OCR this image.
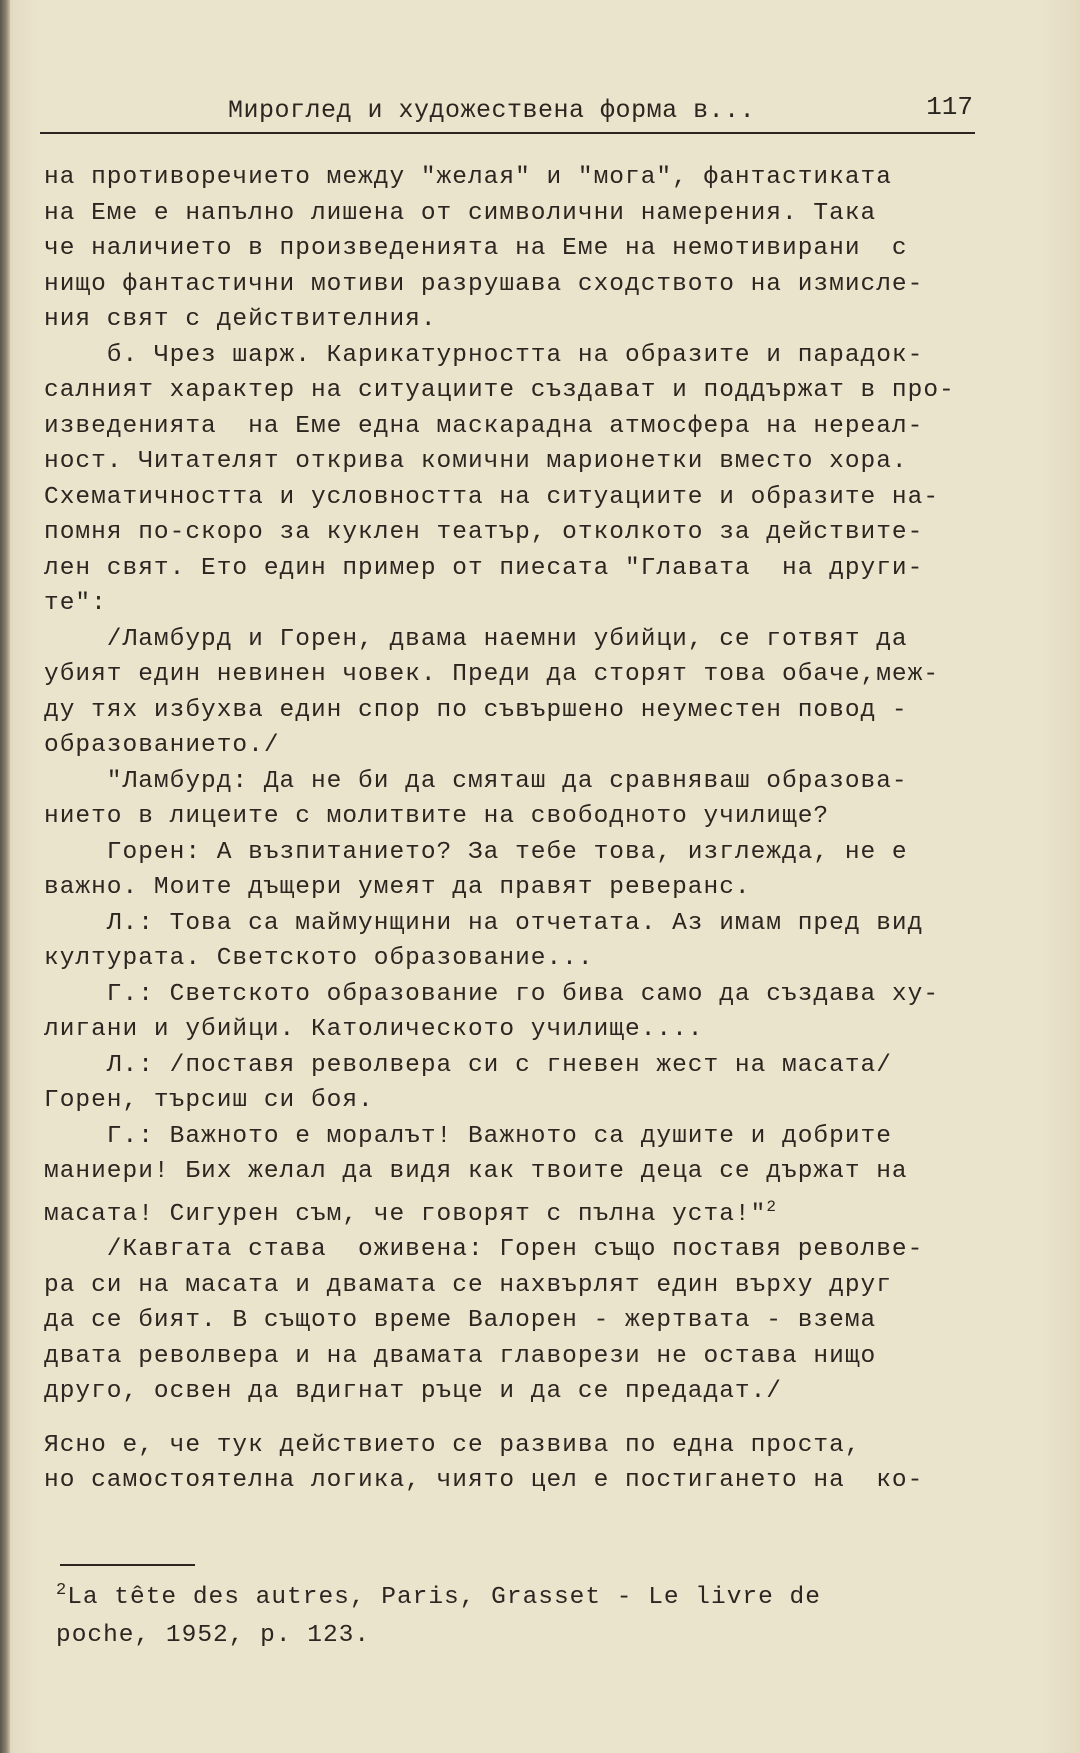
Мироглед и художествена форма в...	117
на противоречието между "желая" и "мога", фантастиката
на Еме е напълно лишена от символични намерения. Така
че наличието в произведенията на Еме на немотивирани  с
нищо фантастични мотиви разрушава сходството на измисле-
ния свят с действителния.
б. Чрез шарж. Карикатурността на образите и парадок-
салният характер на ситуациите създават и поддържат в про-
изведенията  на Еме една маскарадна атмосфера на нереал-
ност. Читателят открива комични марионетки вместо хора.
Схематичността и условността на ситуациите и образите на-
помня по-скоро за куклен театър, отколкото за действите-
лен свят. Ето един пример от пиесата "Главата  на други-
те":
/Ламбурд и Горен, двама наемни убийци, се готвят да
убият един невинен човек. Преди да сторят това обаче,меж-
ду тях избухва един спор по съвършено неуместен повод -
образованието./
"Ламбурд: Да не би да смяташ да сравняваш образова-
нието в лицеите с молитвите на свободното училище?
Горен: А възпитанието? За тебе това, изглежда, не е
важно. Моите дъщери умеят да правят реверанс.
Л.: Това са маймунщини на отчетата. Аз имам пред вид
културата. Светското образование...
Г.: Светското образование го бива само да създава ху-
лигани и убийци. Католическото училище....
Л.: /поставя револвера си с гневен жест на масата/
Горен, търсиш си боя.
Г.: Важното е моралът! Важното са душите и добрите
маниери! Бих желал да видя как твоите деца се държат на
масата! Сигурен съм, че говорят с пълна уста!"$^2$
/Кавгата става  оживена: Горен също поставя револве-
ра си на масата и двамата се нахвърлят един върху друг
да се бият. В същото време Валорен - жертвата - взема
двата револвера и на двамата главорези не остава нищо
друго, освен да вдигнат ръце и да се предадат./
Ясно е, че тук действието се развива по една проста,
но самостоятелна логика, чиято цел е постигането на  ко-
$^2$La tête des autres, Paris, Grasset - Le livre de
poche, 1952, p. 123.
